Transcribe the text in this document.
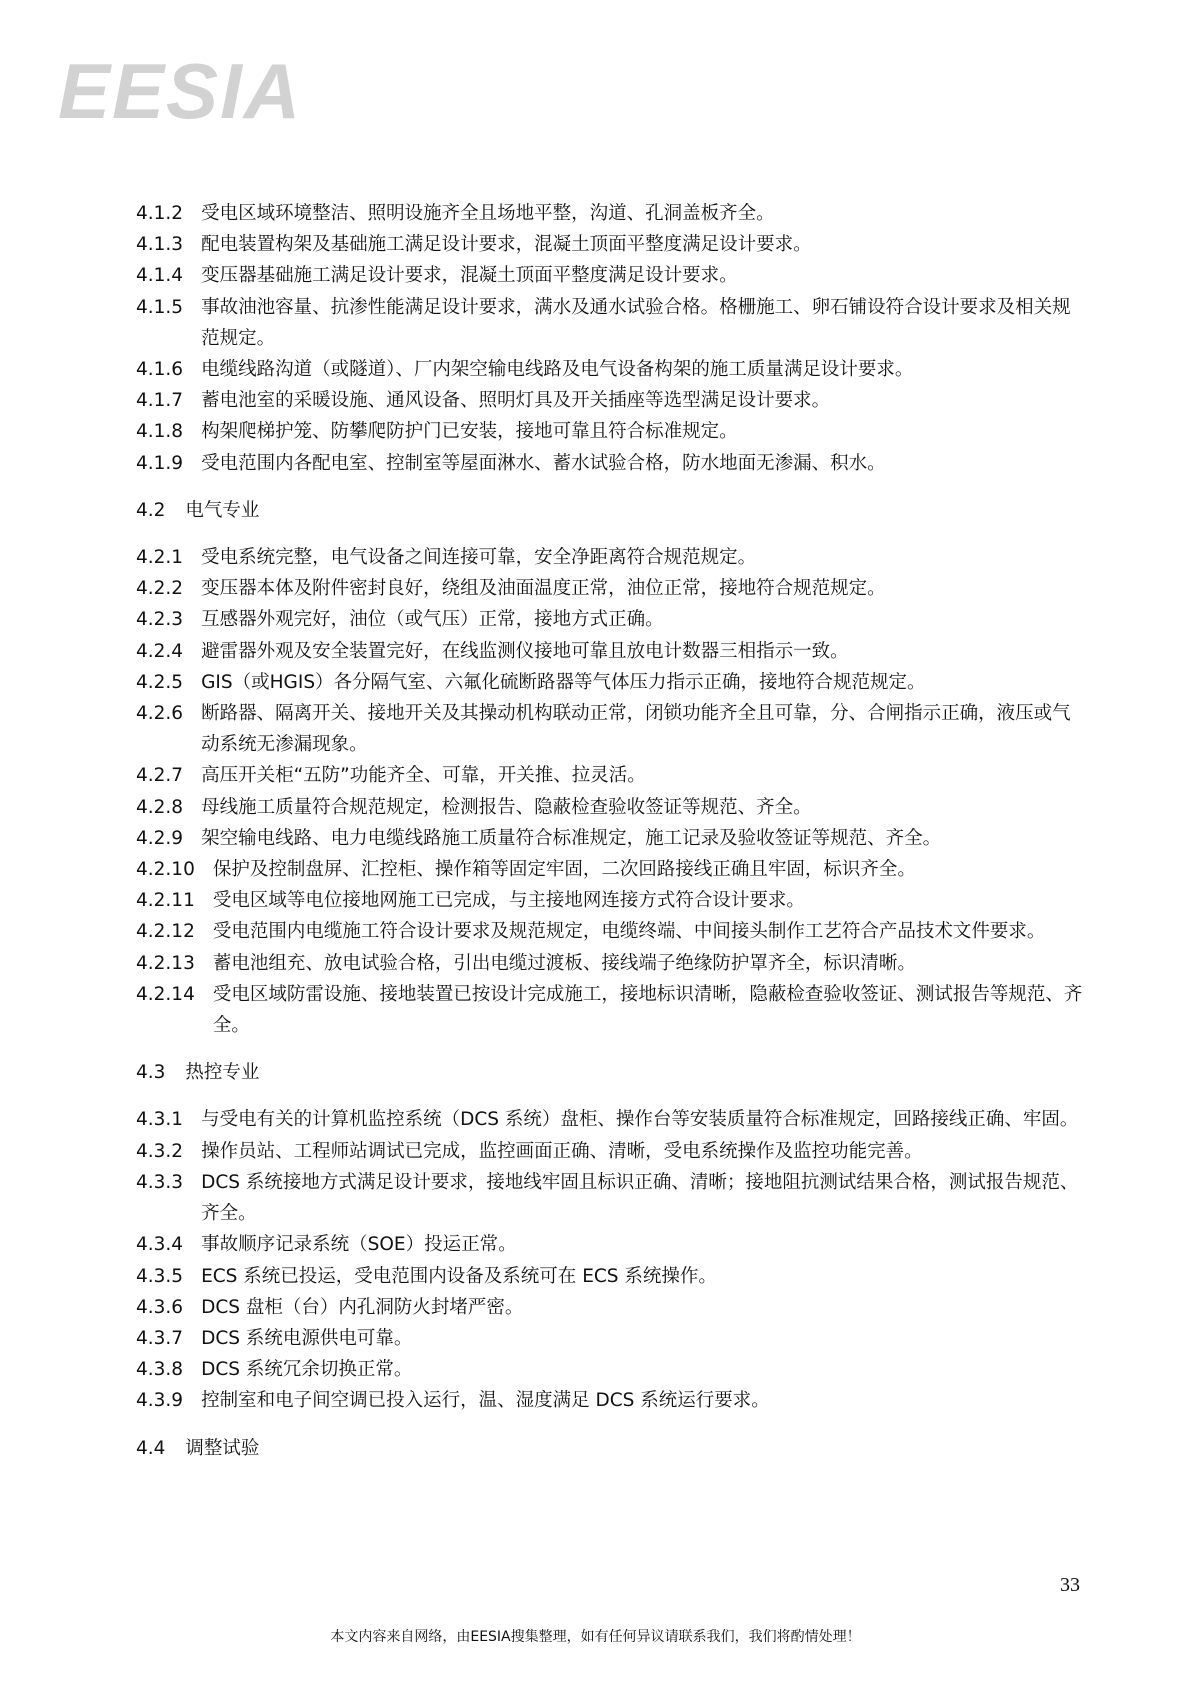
EESIA
4.1.2 受电区域环境整洁、照明设施齐全且场地平整，沟道、孔洞盖板齐全。
4.1.3 配电装置构架及基础施工满足设计要求，混凝土顶面平整度满足设计要求。
4.1.4 变压器基础施工满足设计要求，混凝土顶面平整度满足设计要求。
4.1.5 事故油池容量、抗渗性能满足设计要求，满水及通水试验合格。格栅施工、卵石铺设符合设计要求及相关规范规定。
4.1.6 电缆线路沟道（或隧道）、厂内架空输电线路及电气设备构架的施工质量满足设计要求。
4.1.7 蓄电池室的采暖设施、通风设备、照明灯具及开关插座等选型满足设计要求。
4.1.8 构架爬梯护笼、防攀爬防护门已安装，接地可靠且符合标准规定。
4.1.9 受电范围内各配电室、控制室等屋面淋水、蓄水试验合格，防水地面无渗漏、积水。
4.2	电气专业
4.2.1 受电系统完整，电气设备之间连接可靠，安全净距离符合规范规定。
4.2.2 变压器本体及附件密封良好，绕组及油面温度正常，油位正常，接地符合规范规定。
4.2.3 互感器外观完好，油位（或气压）正常，接地方式正确。
4.2.4 避雷器外观及安全装置完好，在线监测仪接地可靠且放电计数器三相指示一致。
4.2.5 GIS（或HGIS）各分隔气室、六氟化硫断路器等气体压力指示正确，接地符合规范规定。
4.2.6 断路器、隔离开关、接地开关及其操动机构联动正常，闭锁功能齐全且可靠，分、合闸指示正确，液压或气动系统无渗漏现象。
4.2.7 高压开关柜“五防”功能齐全、可靠，开关推、拉灵活。
4.2.8 母线施工质量符合规范规定，检测报告、隐蔽检查验收签证等规范、齐全。
4.2.9 架空输电线路、电力电缆线路施工质量符合标准规定，施工记录及验收签证等规范、齐全。
4.2.10 保护及控制盘屏、汇控柜、操作箱等固定牢固，二次回路接线正确且牢固，标识齐全。
4.2.11 受电区域等电位接地网施工已完成，与主接地网连接方式符合设计要求。
4.2.12 受电范围内电缆施工符合设计要求及规范规定，电缆终端、中间接头制作工艺符合产品技术文件要求。
4.2.13 蓄电池组充、放电试验合格，引出电缆过渡板、接线端子绝缘防护罩齐全，标识清晰。
4.2.14 受电区域防雷设施、接地装置已按设计完成施工，接地标识清晰，隐蔽检查验收签证、测试报告等规范、齐全。
4.3	热控专业
4.3.1 与受电有关的计算机监控系统（DCS 系统）盘柜、操作台等安装质量符合标准规定，回路接线正确、牢固。
4.3.2 操作员站、工程师站调试已完成，监控画面正确、清晰，受电系统操作及监控功能完善。
4.3.3 DCS 系统接地方式满足设计要求，接地线牢固且标识正确、清晰；接地阻抗测试结果合格，测试报告规范、齐全。
4.3.4 事故顺序记录系统（SOE）投运正常。
4.3.5 ECS 系统已投运，受电范围内设备及系统可在 ECS 系统操作。
4.3.6 DCS 盘柜（台）内孔洞防火封堵严密。
4.3.7 DCS 系统电源供电可靠。
4.3.8 DCS 系统冗余切换正常。
4.3.9 控制室和电子间空调已投入运行，温、湿度满足 DCS 系统运行要求。
4.4	调整试验
33
本文内容来自网络，由EESIA搜集整理，如有任何异议请联系我们，我们将酌情处理！
